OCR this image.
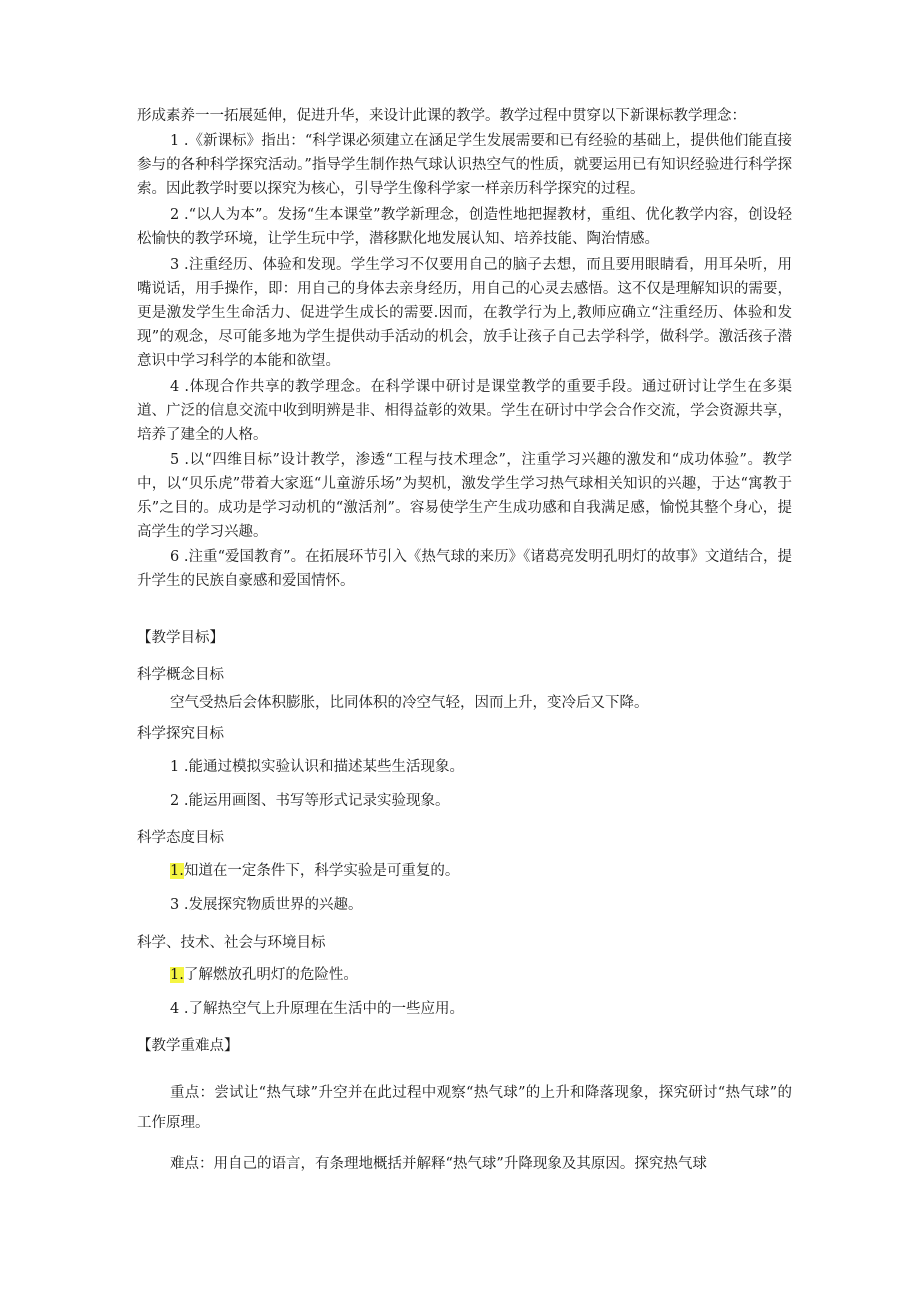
形成素养一一拓展延伸，促进升华，来设计此课的教学。教学过程中贯穿以下新课标教学理念：

1 .《新课标》指出：“科学课必须建立在涵足学生发展需要和已有经验的基础上，提供他们能直接参与的各种科学探究活动。”指导学生制作热气球认识热空气的性质，就要运用已有知识经验进行科学探索。因此教学时要以探究为核心，引导学生像科学家一样亲历科学探究的过程。

2 .“以人为本”。发扬“生本课堂”教学新理念，创造性地把握教材，重组、优化教学内容，创设轻松愉快的教学环境，让学生玩中学，潜移默化地发展认知、培养技能、陶治情感。

3 .注重经历、体验和发现。学生学习不仅要用自己的脑子去想，而且要用眼睛看，用耳朵听，用嘴说话，用手操作，即：用自己的身体去亲身经历，用自己的心灵去感悟。这不仅是理解知识的需要，更是激发学生生命活力、促进学生成长的需要.因而，在教学行为上,教师应确立“注重经历、体验和发现”的观念，尽可能多地为学生提供动手活动的机会，放手让孩子自己去学科学，做科学。激活孩子潜意识中学习科学的本能和欲望。

4 .体现合作共享的教学理念。在科学课中研讨是课堂教学的重要手段。通过研讨让学生在多渠道、广泛的信息交流中收到明辨是非、相得益彰的效果。学生在研讨中学会合作交流，学会资源共享，培养了建全的人格。

5 .以“四维目标”设计教学，渗透“工程与技术理念”，注重学习兴趣的激发和“成功体验”。教学中，以“贝乐虎”带着大家逛“儿童游乐场”为契机，激发学生学习热气球相关知识的兴趣，于达“寓教于乐”之目的。成功是学习动机的“激活剂”。容易使学生产生成功感和自我满足感，愉悦其整个身心，提高学生的学习兴趣。

6 .注重“爱国教育”。在拓展环节引入《热气球的来历》《诸葛亮发明孔明灯的故事》文道结合，提升学生的民族自豪感和爱国情怀。

【教学目标】

科学概念目标

空气受热后会体积膨胀，比同体积的冷空气轻，因而上升，变冷后又下降。

科学探究目标

1 .能通过模拟实验认识和描述某些生活现象。

2 .能运用画图、书写等形式记录实验现象。

科学态度目标

1.知道在一定条件下，科学实验是可重复的。

3 .发展探究物质世界的兴趣。

科学、技术、社会与环境目标

1.了解燃放孔明灯的危险性。

4 .了解热空气上升原理在生活中的一些应用。

【教学重难点】

重点：尝试让“热气球”升空并在此过程中观察“热气球”的上升和降落现象，探究研讨“热气球”的工作原理。

难点：用自己的语言，有条理地概括并解释“热气球”升降现象及其原因。探究热气球
